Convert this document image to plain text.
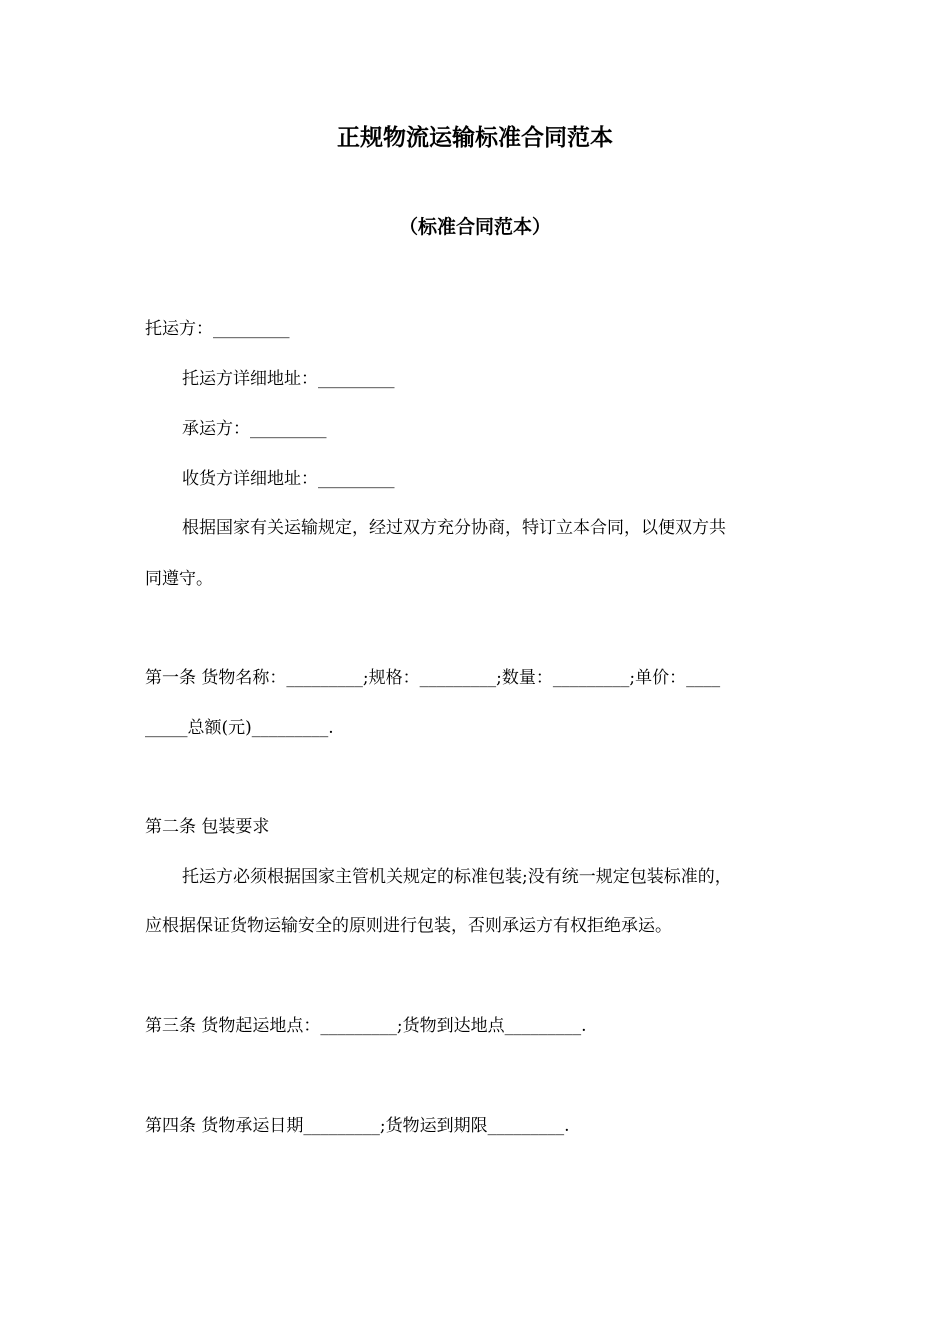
正规物流运输标准合同范本
（标准合同范本）
托运方：_________
托运方详细地址：_________
承运方：_________
收货方详细地址：_________
根据国家有关运输规定，经过双方充分协商，特订立本合同，以便双方共
同遵守。
第一条 货物名称：_________;规格：_________;数量：_________;单价：____
_____总额(元)_________.
第二条 包装要求
托运方必须根据国家主管机关规定的标准包装;没有统一规定包装标准的，
应根据保证货物运输安全的原则进行包装，否则承运方有权拒绝承运。
第三条 货物起运地点：_________;货物到达地点_________.
第四条 货物承运日期_________;货物运到期限_________.
